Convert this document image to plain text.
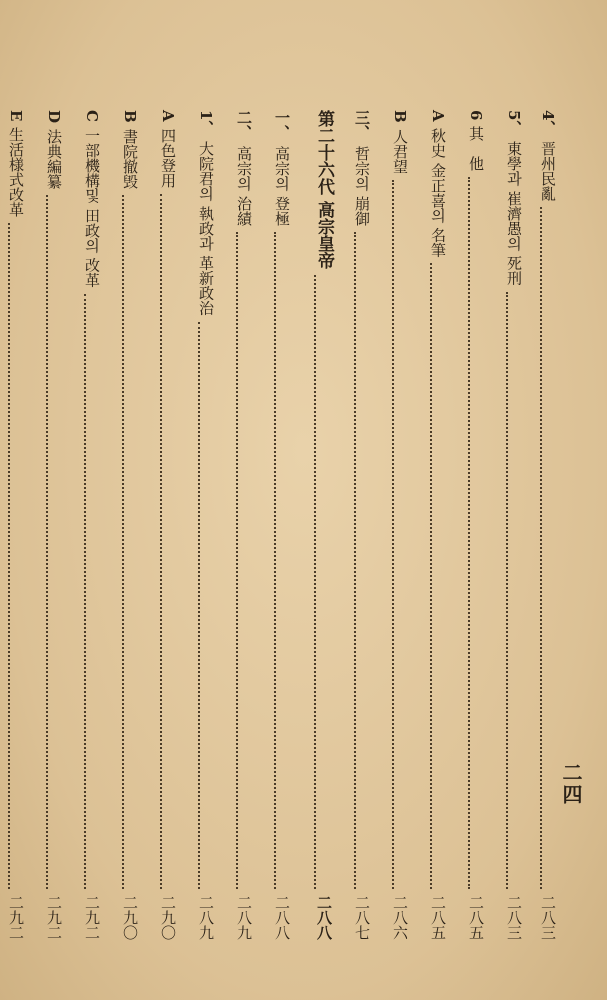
4、
晋州民亂
二八三
5、
東學과 崔濟愚의 死刑
二八三
6
其　他
二八五
A
秋史 金正喜의 名筆
二八五
B
人君望
二八六
三、
哲宗의 崩御
二八七
第二十六代
高宗皇帝
二八八
一、
高宗의 登極
二八八
二、
高宗의 治績
二八九
1、
大院君의 執政과 革新政治
二八九
A
四色登用
二九〇
B
書院撤毁
二九〇
C
一部機構및 田政의 改革
二九二
D
法典編纂
二九二
E
生活様式改革
二九二
二四
